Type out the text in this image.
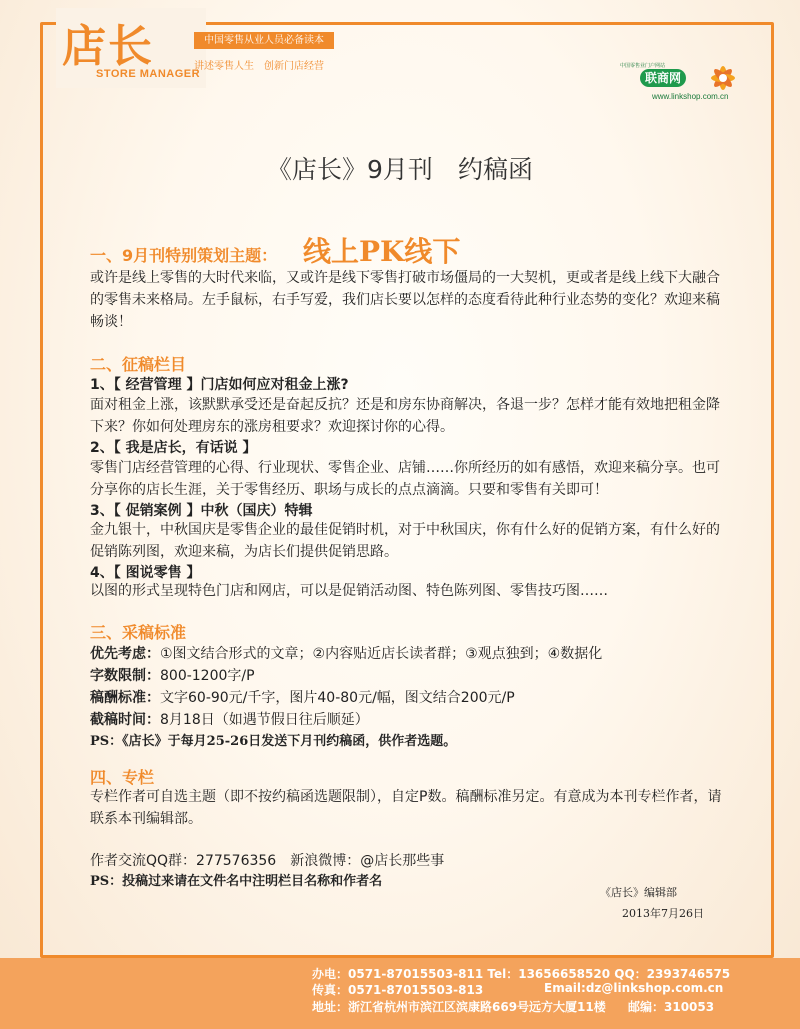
店长
STORE MANAGER
中国零售从业人员必备读本
讲述零售人生　创新门店经营	中国零售业门户网站
联商网
www.linkshop.com.cn
《店长》9月刊　约稿函
一、9月刊特别策划主题： 线上PK线下
或许是线上零售的大时代来临，又或许是线下零售打破市场僵局的一大契机，更或者是线上线下大融合的零售未来格局。左手鼠标，右手写爱，我们店长要以怎样的态度看待此种行业态势的变化？欢迎来稿畅谈！
二、征稿栏目
1、【 经营管理 】门店如何应对租金上涨?
面对租金上涨，该默默承受还是奋起反抗？还是和房东协商解决，各退一步？怎样才能有效地把租金降下来？你如何处理房东的涨房租要求？欢迎探讨你的心得。
2、【 我是店长，有话说 】
零售门店经营管理的心得、行业现状、零售企业、店铺……你所经历的如有感悟，欢迎来稿分享。也可分享你的店长生涯，关于零售经历、职场与成长的点点滴滴。只要和零售有关即可！
3、【 促销案例 】中秋（国庆）特辑
金九银十，中秋国庆是零售企业的最佳促销时机，对于中秋国庆，你有什么好的促销方案，有什么好的促销陈列图，欢迎来稿，为店长们提供促销思路。
4、【 图说零售 】
以图的形式呈现特色门店和网店，可以是促销活动图、特色陈列图、零售技巧图……
三、采稿标准
优先考虑：①图文结合形式的文章；②内容贴近店长读者群；③观点独到；④数据化
字数限制：800-1200字/P
稿酬标准：文字60-90元/千字，图片40-80元/幅，图文结合200元/P
截稿时间：8月18日（如遇节假日往后顺延）
PS：《店长》于每月25-26日发送下月刊约稿函，供作者选题。
四、专栏
专栏作者可自选主题（即不按约稿函选题限制），自定P数。稿酬标准另定。有意成为本刊专栏作者，请联系本刊编辑部。
作者交流QQ群：277576356　新浪微博：@店长那些事
PS：投稿过来请在文件名中注明栏目名称和作者名
《店长》编辑部
2013年7月26日
办电：0571-87015503-811 Tel：13656658520 QQ：2393746575
传真：0571-87015503-813	Email:dz@linkshop.com.cn
地址：浙江省杭州市滨江区滨康路669号远方大厦11楼 邮编：310053
